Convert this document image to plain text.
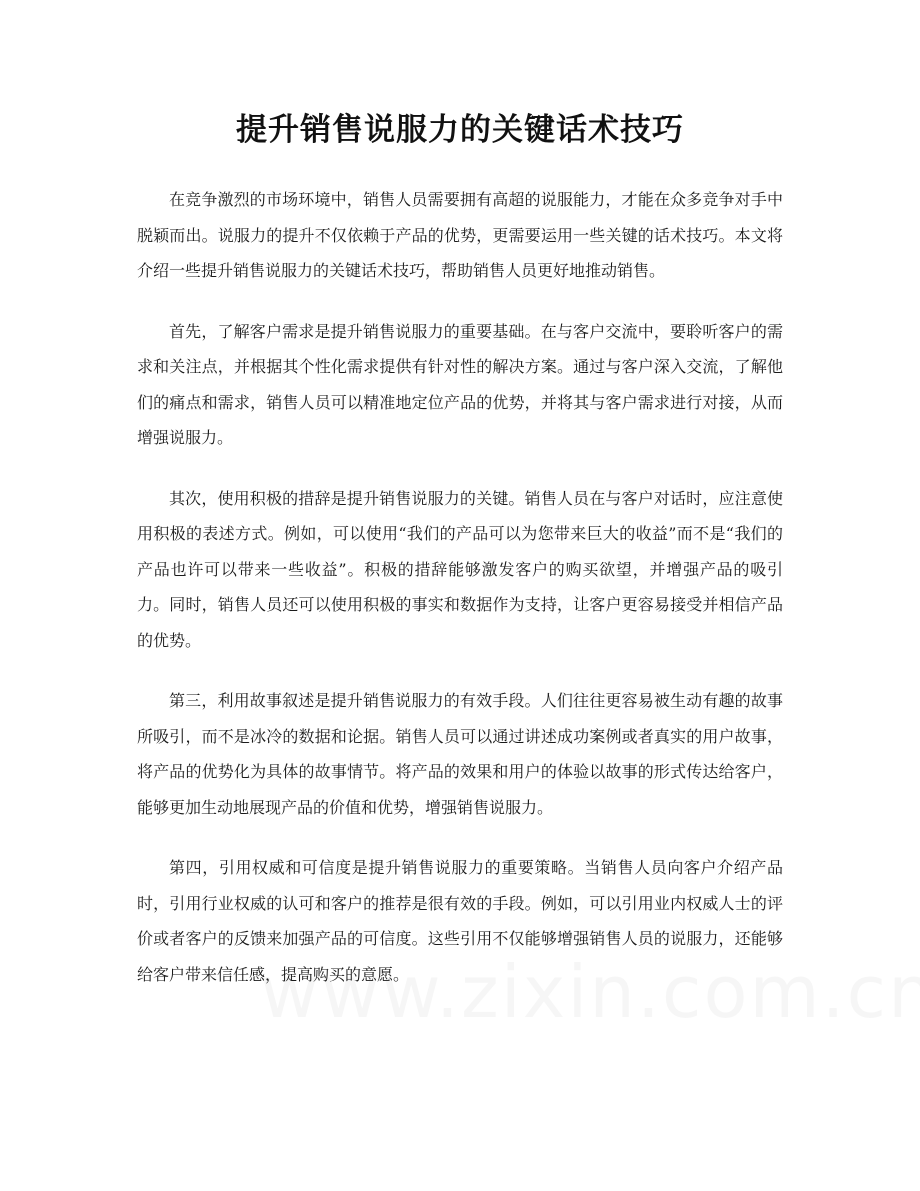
提升销售说服力的关键话术技巧

在竞争激烈的市场环境中，销售人员需要拥有高超的说服能力，才能在众多竞争对手中脱颖而出。说服力的提升不仅依赖于产品的优势，更需要运用一些关键的话术技巧。本文将介绍一些提升销售说服力的关键话术技巧，帮助销售人员更好地推动销售。

首先，了解客户需求是提升销售说服力的重要基础。在与客户交流中，要聆听客户的需求和关注点，并根据其个性化需求提供有针对性的解决方案。通过与客户深入交流，了解他们的痛点和需求，销售人员可以精准地定位产品的优势，并将其与客户需求进行对接，从而增强说服力。

其次，使用积极的措辞是提升销售说服力的关键。销售人员在与客户对话时，应注意使用积极的表述方式。例如，可以使用“我们的产品可以为您带来巨大的收益”而不是“我们的产品也许可以带来一些收益”。积极的措辞能够激发客户的购买欲望，并增强产品的吸引力。同时，销售人员还可以使用积极的事实和数据作为支持，让客户更容易接受并相信产品的优势。

第三，利用故事叙述是提升销售说服力的有效手段。人们往往更容易被生动有趣的故事所吸引，而不是冰冷的数据和论据。销售人员可以通过讲述成功案例或者真实的用户故事，将产品的优势化为具体的故事情节。将产品的效果和用户的体验以故事的形式传达给客户，能够更加生动地展现产品的价值和优势，增强销售说服力。

第四，引用权威和可信度是提升销售说服力的重要策略。当销售人员向客户介绍产品时，引用行业权威的认可和客户的推荐是很有效的手段。例如，可以引用业内权威人士的评价或者客户的反馈来加强产品的可信度。这些引用不仅能够增强销售人员的说服力，还能够给客户带来信任感，提高购买的意愿。
